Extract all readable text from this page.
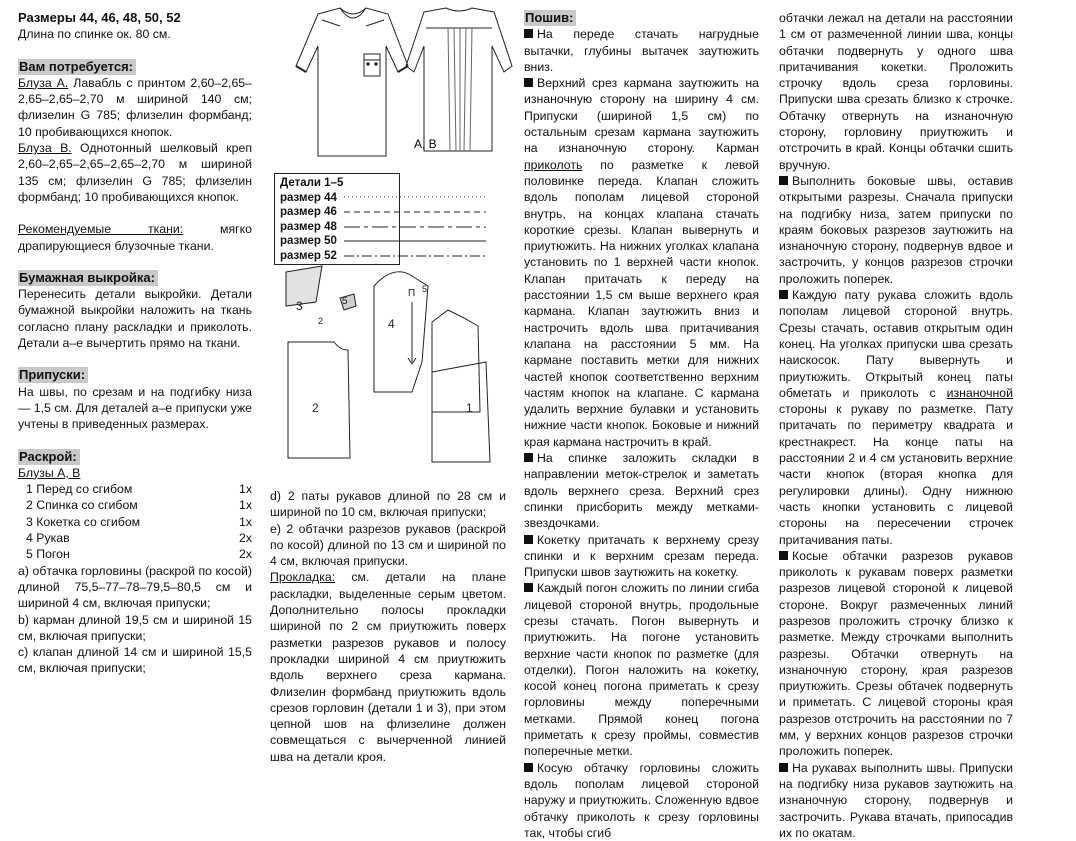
Размеры 44, 46, 48, 50, 52

Длина по спинке ок. 80 см.

Вам потребуется:

Блуза А. Лавабль с принтом 2,60–2,65–2,65–2,65–2,70 м шириной 140 см; флизелин G 785; флизелин формбанд; 10 пробивающихся кнопок.

Блуза В. Однотонный шелковый креп 2,60–2,65–2,65–2,65–2,70 м шириной 135 см; флизелин G 785; флизелин формбанд; 10 пробивающихся кнопок.

Рекомендуемые ткани: мягко драпирующиеся блузочные ткани.

Бумажная выкройка:

Перенесить детали выкройки. Детали бумажной выкройки наложить на ткань согласно плану раскладки и приколоть. Детали а–е вычертить прямо на ткани.

Припуски:

На швы, по срезам и на подгибку низа — 1,5 см. Для деталей а–е припуски уже учтены в приведенных размерах.

Раскрой:

Блузы А, В

1 Перед со сгибом	1x
2 Спинка со сгибом	1x
3 Кокетка со сгибом	1x
4 Рукав	2x
5 Погон	2x

а) обтачка горловины (раскрой по косой) длиной 75,5–77–78–79,5–80,5 см и шириной 4 см, включая припуски;

b) карман длиной 19,5 см и шириной 15 см, включая припуски;

с) клапан длиной 14 см и шириной 15,5 см, включая припуски;

А, В
Детали 1–5
размер 44
размер 46
размер 48
размер 50
размер 52
3
2
5
П
4
5
2	1

d) 2 паты рукавов длиной по 28 см и шириной по 10 см, включая припуски;

е) 2 обтачки разрезов рукавов (раскрой по косой) длиной по 13 см и шириной по 4 см, включая припуски.

Прокладка: см. детали на плане раскладки, выделенные серым цветом. Дополнительно полосы прокладки шириной по 2 см приутюжить поверх разметки разрезов рукавов и полосу прокладки шириной 4 см приутюжить вдоль верхнего среза кармана. Флизелин формбанд приутюжить вдоль срезов горловин (детали 1 и 3), при этом цепной шов на флизелине должен совмещаться с вычерченной линией шва на детали кроя.

Пошив:

На переде стачать нагрудные вытачки, глубины вытачек заутюжить вниз.

Верхний срез кармана заутюжить на изнаночную сторону на ширину 4 см. Припуски (шириной 1,5 см) по остальным срезам кармана заутюжить на изнаночную сторону. Карман приколоть по разметке к левой половинке переда. Клапан сложить вдоль пополам лицевой стороной внутрь, на концах клапана стачать короткие срезы. Клапан вывернуть и приутюжить. На нижних уголках клапана установить по 1 верхней части кнопок. Клапан притачать к переду на расстоянии 1,5 см выше верхнего края кармана. Клапан заутюжить вниз и настрочить вдоль шва притачивания клапана на расстоянии 5 мм. На кармане поставить метки для нижних частей кнопок соответственно верхним частям кнопок на клапане. С кармана удалить верхние булавки и установить нижние части кнопок. Боковые и нижний края кармана настрочить в край.

На спинке заложить складки в направлении меток-стрелок и заметать вдоль верхнего среза. Верхний срез спинки присборить между метками-звездочками.

Кокетку притачать к верхнему срезу спинки и к верхним срезам переда. Припуски швов заутюжить на кокетку.

Каждый погон сложить по линии сгиба лицевой стороной внутрь, продольные срезы стачать. Погон вывернуть и приутюжить. На погоне установить верхние части кнопок по разметке (для отделки). Погон наложить на кокетку, косой конец погона приметать к срезу горловины между поперечными метками. Прямой конец погона приметать к срезу проймы, совместив поперечные метки.

Косую обтачку горловины сложить вдоль пополам лицевой стороной наружу и приутюжить. Сложенную вдвое обтачку приколоть к срезу горловины так, чтобы сгиб

обтачки лежал на детали на расстоянии 1 см от размеченной линии шва, концы обтачки подвернуть у одного шва притачивания кокетки. Проложить строчку вдоль среза горловины. Припуски шва срезать близко к строчке. Обтачку отвернуть на изнаночную сторону, горловину приутюжить и отстрочить в край. Концы обтачки сшить вручную.

Выполнить боковые швы, оставив открытыми разрезы. Сначала припуски на подгибку низа, затем припуски по краям боковых разрезов заутюжить на изнаночную сторону, подвернув вдвое и застрочить, у концов разрезов строчки проложить поперек.

Каждую пату рукава сложить вдоль пополам лицевой стороной внутрь. Срезы стачать, оставив открытым один конец. На уголках припуски шва срезать наискосок. Пату вывернуть и приутюжить. Открытый конец паты обметать и приколоть с изнаночной стороны к рукаву по разметке. Пату притачать по периметру квадрата и крестнакрест. На конце паты на расстоянии 2 и 4 см установить верхние части кнопок (вторая кнопка для регулировки длины). Одну нижнюю часть кнопки установить с лицевой стороны на пересечении строчек притачивания паты.

Косые обтачки разрезов рукавов приколоть к рукавам поверх разметки разрезов лицевой стороной к лицевой стороне. Вокруг размеченных линий разрезов проложить строчку близко к разметке. Между строчками выполнить разрезы. Обтачки отвернуть на изнаночную сторону, края разрезов приутюжить. Срезы обтачек подвернуть и приметать. С лицевой стороны края разрезов отстрочить на расстоянии по 7 мм, у верхних концов разрезов строчки проложить поперек.

На рукавах выполнить швы. Припуски на подгибку низа рукавов заутюжить на изнаночную сторону, подвернув и застрочить. Рукава втачать, припосадив их по окатам.
